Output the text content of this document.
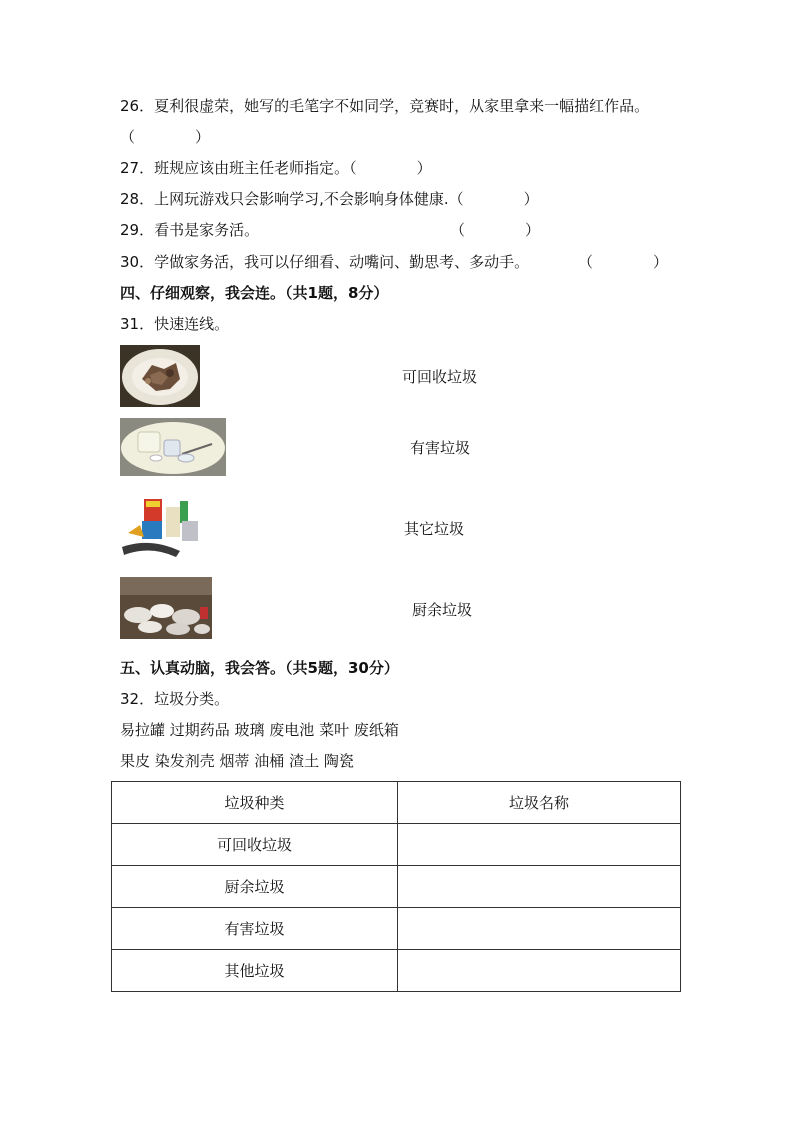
26．夏利很虚荣，她写的毛笔字不如同学，竞赛时，从家里拿来一幅描红作品。
（　　　　）
27．班规应该由班主任老师指定。（　　　　）
28．上网玩游戏只会影响学习,不会影响身体健康.（　　　　）
29．看书是家务活。	（　　　　）
30．学做家务活，我可以仔细看、动嘴问、勤思考、多动手。	（　　　　）
四、仔细观察，我会连。（共1题，8分）
31．快速连线。
可回收垃圾
有害垃圾
其它垃圾
厨余垃圾
五、认真动脑，我会答。（共5题，30分）
32．垃圾分类。
易拉罐 过期药品 玻璃 废电池 菜叶 废纸箱
果皮 染发剂壳 烟蒂 油桶 渣土 陶瓷
垃圾种类	垃圾名称
可回收垃圾	
厨余垃圾	
有害垃圾	
其他垃圾	
